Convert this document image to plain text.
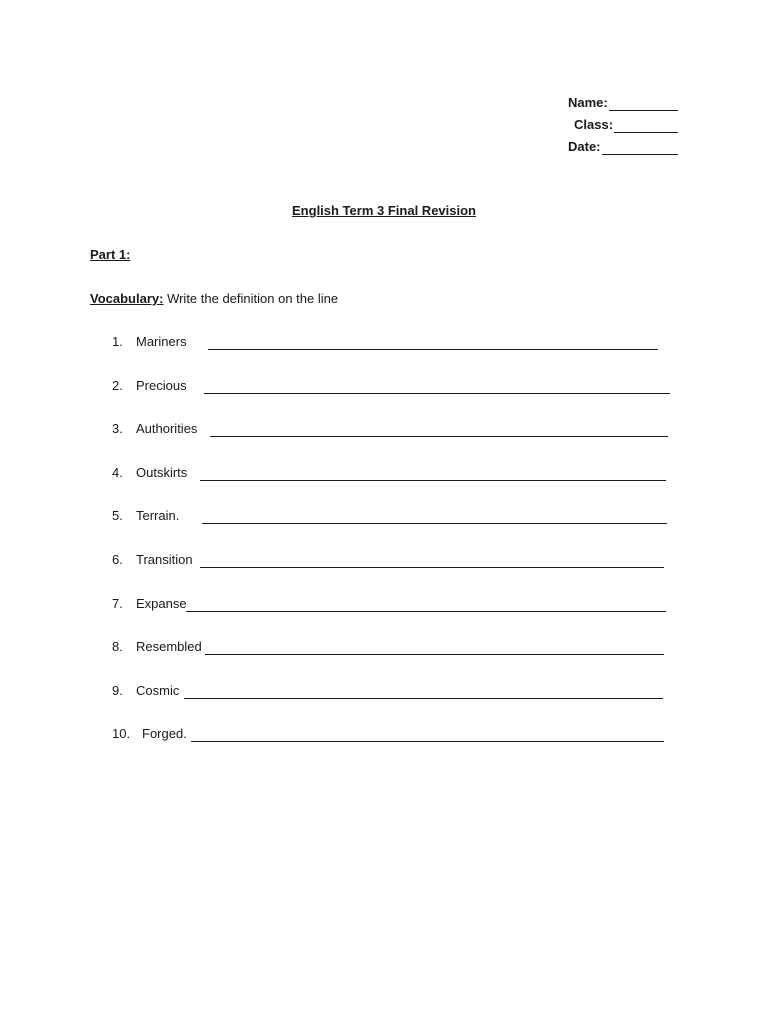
Name:
Class:
Date:
English Term 3 Final Revision
Part 1:
Vocabulary: Write the definition on the line
1.	Mariners
2.	Precious
3.	Authorities
4.	Outskirts
5.	Terrain.
6.	Transition
7.	Expanse
8.	Resembled
9.	Cosmic
10. Forged.
